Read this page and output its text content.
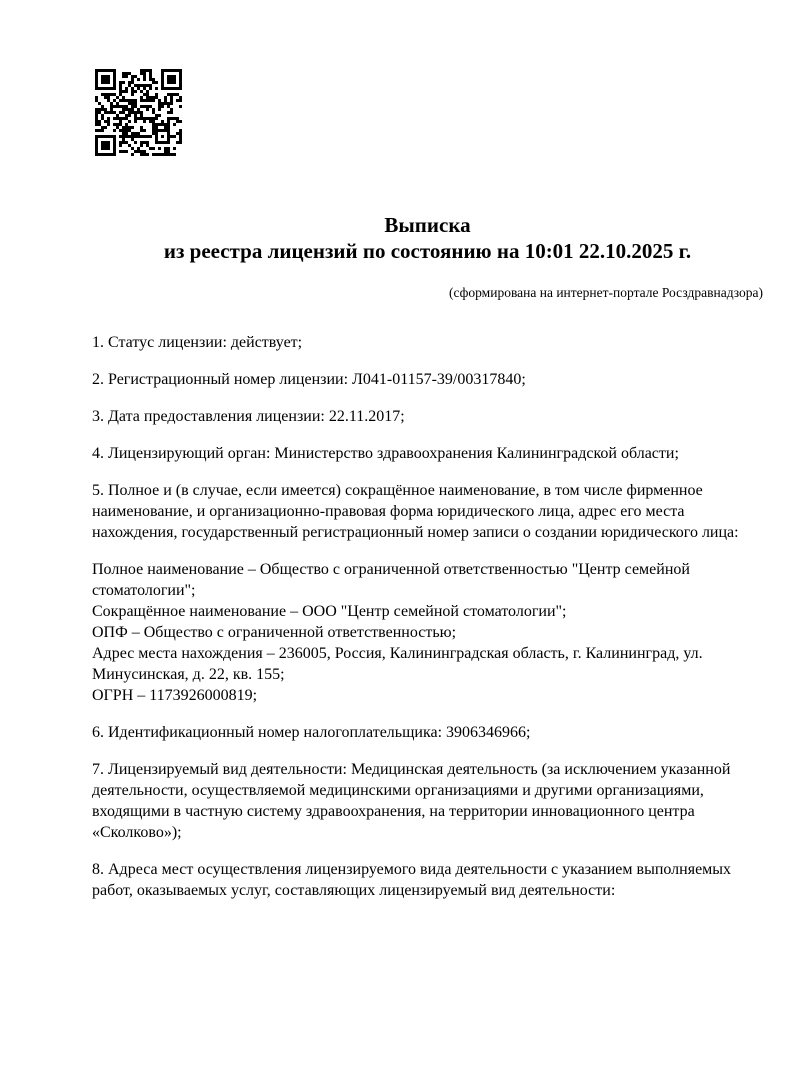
Выписка
из реестра лицензий по состоянию на 10:01 22.10.2025 г.
(сформирована на интернет-портале Росздравнадзора)

1. Статус лицензии: действует;

2. Регистрационный номер лицензии: Л041-01157-39/00317840;

3. Дата предоставления лицензии: 22.11.2017;

4. Лицензирующий орган: Министерство здравоохранения Калининградской области;

5. Полное и (в случае, если имеется) сокращённое наименование, в том числе фирменное наименование, и организационно-правовая форма юридического лица, адрес его места нахождения, государственный регистрационный номер записи о создании юридического лица:

Полное наименование – Общество с ограниченной ответственностью "Центр семейной стоматологии";
Сокращённое наименование – ООО "Центр семейной стоматологии";
ОПФ – Общество с ограниченной ответственностью;
Адрес места нахождения – 236005, Россия, Калининградская область, г. Калининград, ул. Минусинская, д. 22, кв. 155;
ОГРН – 1173926000819;

6. Идентификационный номер налогоплательщика: 3906346966;

7. Лицензируемый вид деятельности: Медицинская деятельность (за исключением указанной деятельности, осуществляемой медицинскими организациями и другими организациями, входящими в частную систему здравоохранения, на территории инновационного центра «Сколково»);

8. Адреса мест осуществления лицензируемого вида деятельности с указанием выполняемых работ, оказываемых услуг, составляющих лицензируемый вид деятельности:
